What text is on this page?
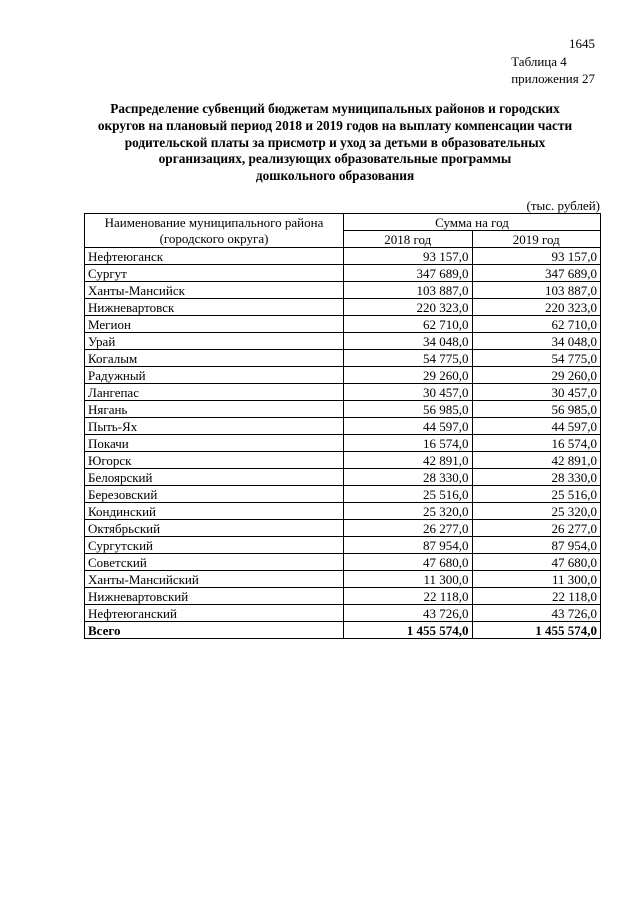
1645
Таблица 4
приложения 27
Распределение субвенций бюджетам муниципальных районов и городских
округов на плановый период 2018 и 2019 годов на выплату компенсации части
родительской платы за присмотр и уход за детьми в образовательных
организациях, реализующих образовательные программы
дошкольного образования
(тыс. рублей)
Наименование муниципального района (городского округа)	Сумма на год	
	2018 год	2019 год
Нефтеюганск	93 157,0	93 157,0
Сургут	347 689,0	347 689,0
Ханты-Мансийск	103 887,0	103 887,0
Нижневартовск	220 323,0	220 323,0
Мегион	62 710,0	62 710,0
Урай	34 048,0	34 048,0
Когалым	54 775,0	54 775,0
Радужный	29 260,0	29 260,0
Лангепас	30 457,0	30 457,0
Нягань	56 985,0	56 985,0
Пыть-Ях	44 597,0	44 597,0
Покачи	16 574,0	16 574,0
Югорск	42 891,0	42 891,0
Белоярский	28 330,0	28 330,0
Березовский	25 516,0	25 516,0
Кондинский	25 320,0	25 320,0
Октябрьский	26 277,0	26 277,0
Сургутский	87 954,0	87 954,0
Советский	47 680,0	47 680,0
Ханты-Мансийский	11 300,0	11 300,0
Нижневартовский	22 118,0	22 118,0
Нефтеюганский	43 726,0	43 726,0
Всего	1 455 574,0	1 455 574,0
